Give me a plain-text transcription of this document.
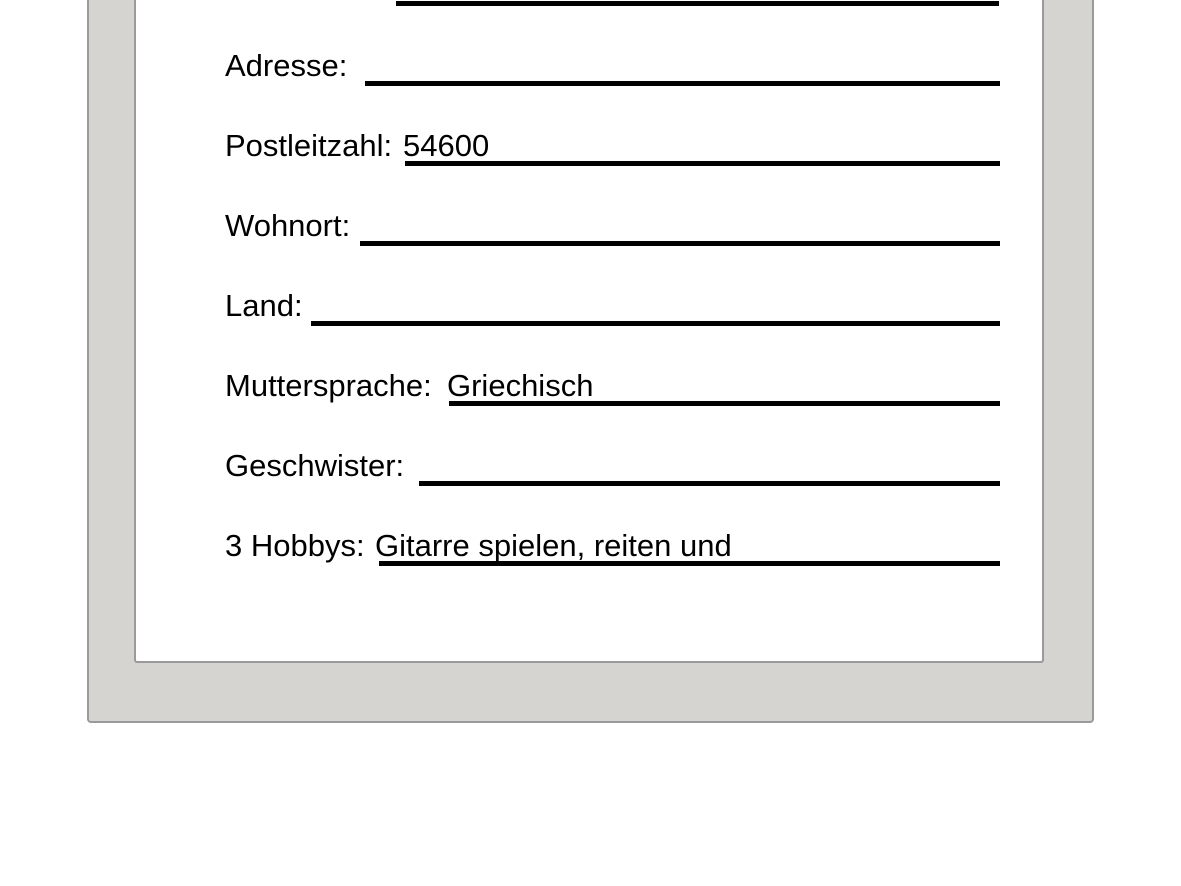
Adresse:
Postleitzahl: 54600
Wohnort:
Land:
Muttersprache: Griechisch
Geschwister:
3 Hobbys: Gitarre spielen, reiten und
